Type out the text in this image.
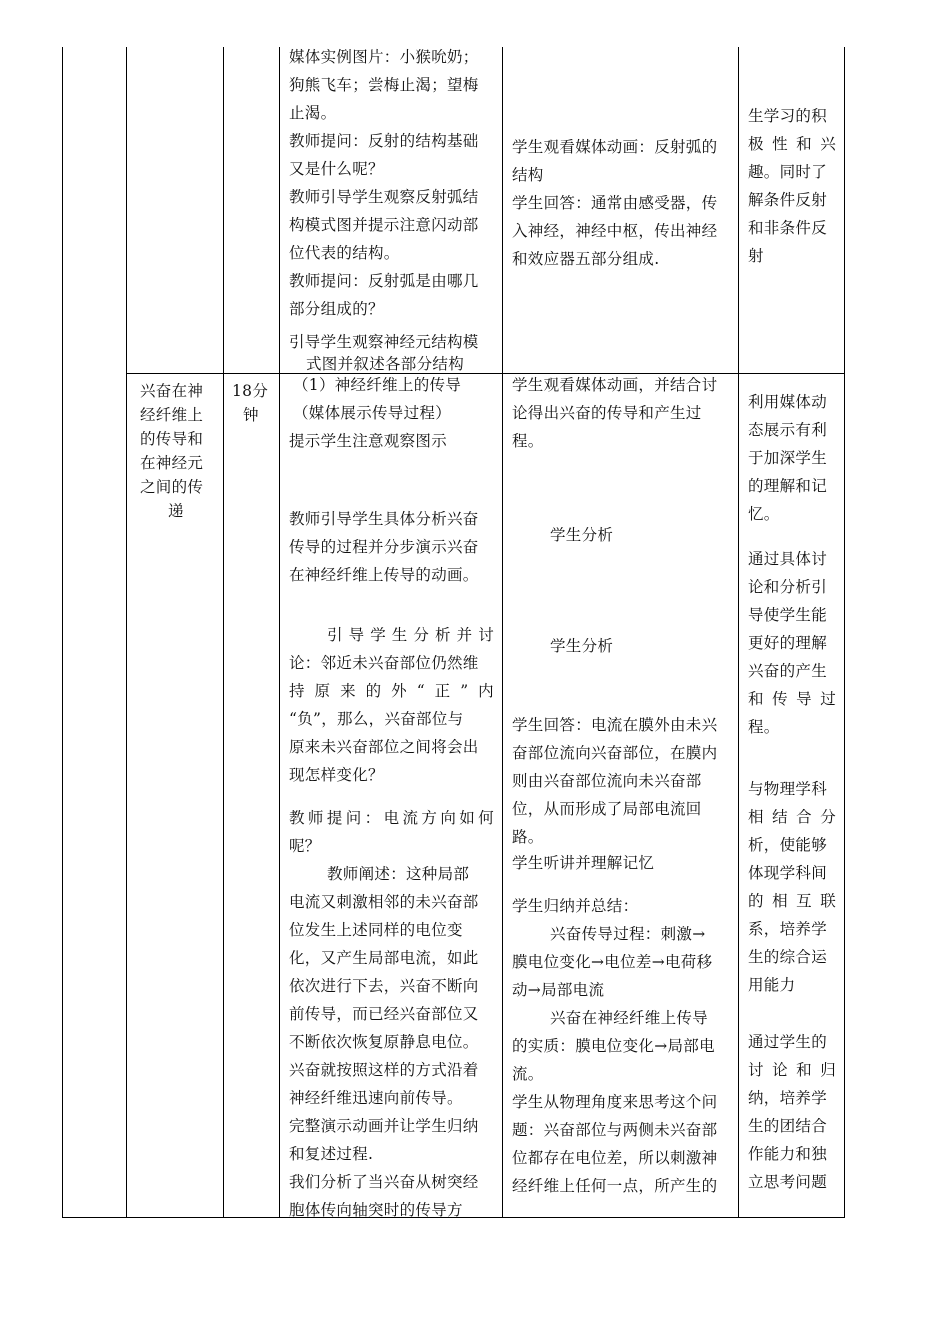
媒体实例图片：小猴吮奶；
狗熊飞车；尝梅止渴；望梅
止渴。
教师提问：反射的结构基础
又是什么呢？
教师引导学生观察反射弧结
构模式图并提示注意闪动部
位代表的结构。
教师提问：反射弧是由哪几
部分组成的？
引导学生观察神经元结构模
式图并叙述各部分结构
学生观看媒体动画：反射弧的
结构
学生回答：通常由感受器，传
入神经，神经中枢，传出神经
和效应器五部分组成.
生学习的积
极性和兴
趣。同时了
解条件反射
和非条件反
射
兴奋在神
经纤维上
的传导和
在神经元
之间的传
递
18分
钟
（1）神经纤维上的传导
（媒体展示传导过程）
提示学生注意观察图示
教师引导学生具体分析兴奋
传导的过程并分步演示兴奋
在神经纤维上传导的动画。
引导学生分析并讨
论：邻近未兴奋部位仍然维
持原来的外“正”内
“负”，那么，兴奋部位与
原来未兴奋部位之间将会出
现怎样变化？
教师提问：电流方向如何
呢？
教师阐述：这种局部
电流又刺激相邻的未兴奋部
位发生上述同样的电位变
化，又产生局部电流，如此
依次进行下去，兴奋不断向
前传导，而已经兴奋部位又
不断依次恢复原静息电位。
兴奋就按照这样的方式沿着
神经纤维迅速向前传导。
完整演示动画并让学生归纳
和复述过程.
我们分析了当兴奋从树突经
胞体传向轴突时的传导方
学生观看媒体动画，并结合讨
论得出兴奋的传导和产生过
程。
学生分析
学生分析
学生回答：电流在膜外由未兴
奋部位流向兴奋部位，在膜内
则由兴奋部位流向未兴奋部
位，从而形成了局部电流回
路。
学生听讲并理解记忆
学生归纳并总结：
兴奋传导过程：刺激→
膜电位变化→电位差→电荷移
动→局部电流
兴奋在神经纤维上传导
的实质：膜电位变化→局部电
流。
学生从物理角度来思考这个问
题：兴奋部位与两侧未兴奋部
位都存在电位差，所以刺激神
经纤维上任何一点，所产生的
利用媒体动
态展示有利
于加深学生
的理解和记
忆。
通过具体讨
论和分析引
导使学生能
更好的理解
兴奋的产生
和传导过
程。
与物理学科
相结合分
析，使能够
体现学科间
的相互联
系，培养学
生的综合运
用能力
通过学生的
讨论和归
纳，培养学
生的团结合
作能力和独
立思考问题
